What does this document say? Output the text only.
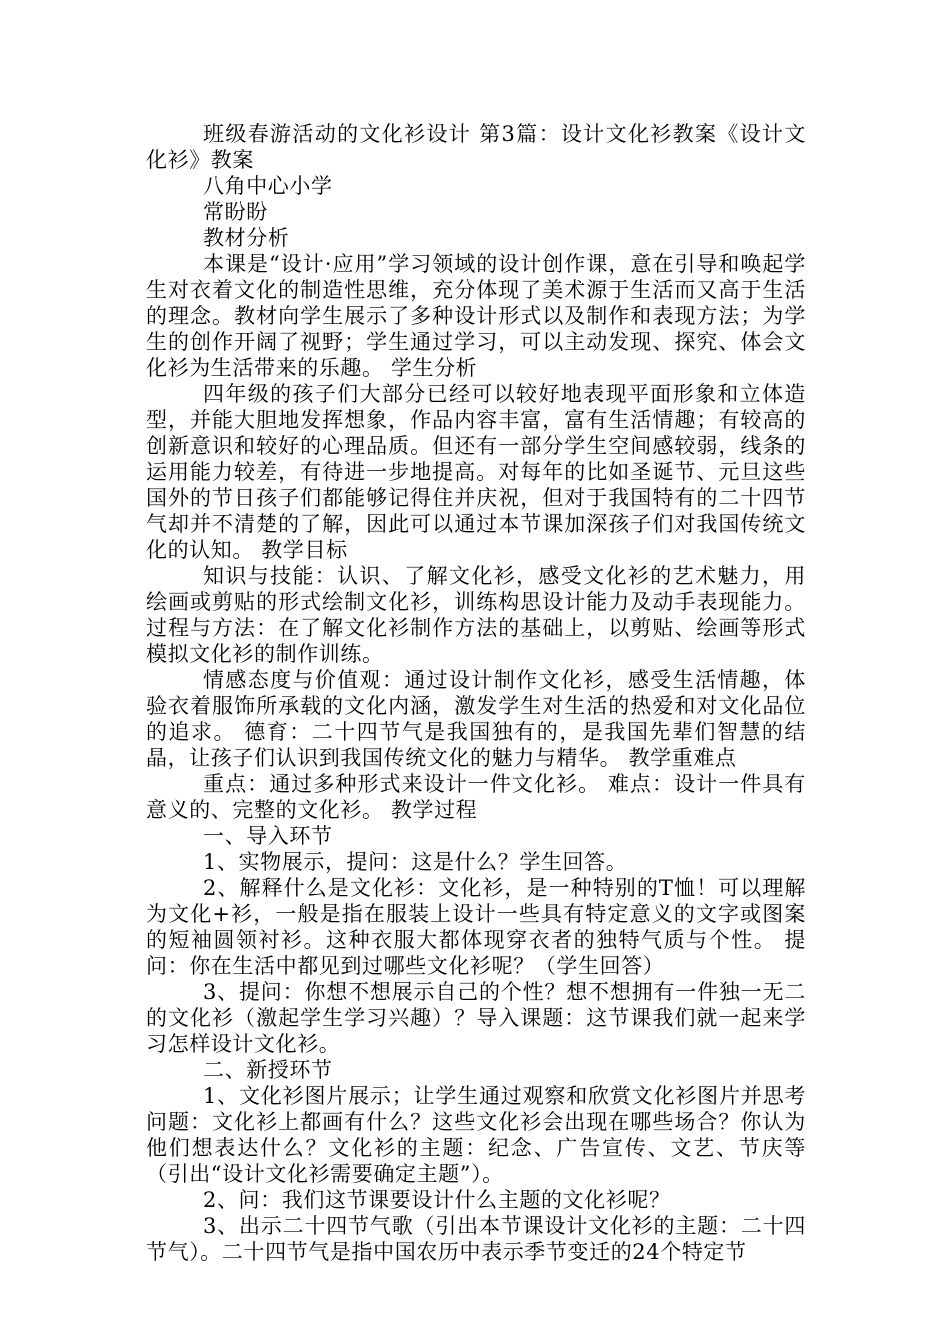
班级春游活动的文化衫设计 第3篇：设计文化衫教案《设计文化衫》教案

八角中心小学

常盼盼

教材分析

本课是“设计·应用”学习领域的设计创作课，意在引导和唤起学生对衣着文化的制造性思维，充分体现了美术源于生活而又高于生活的理念。教材向学生展示了多种设计形式以及制作和表现方法；为学生的创作开阔了视野；学生通过学习，可以主动发现、探究、体会文化衫为生活带来的乐趣。 学生分析

四年级的孩子们大部分已经可以较好地表现平面形象和立体造型，并能大胆地发挥想象，作品内容丰富，富有生活情趣；有较高的创新意识和较好的心理品质。但还有一部分学生空间感较弱，线条的运用能力较差，有待进一步地提高。对每年的比如圣诞节、元旦这些国外的节日孩子们都能够记得住并庆祝，但对于我国特有的二十四节气却并不清楚的了解，因此可以通过本节课加深孩子们对我国传统文化的认知。 教学目标

知识与技能：认识、了解文化衫，感受文化衫的艺术魅力，用绘画或剪贴的形式绘制文化衫，训练构思设计能力及动手表现能力。 过程与方法：在了解文化衫制作方法的基础上，以剪贴、绘画等形式模拟文化衫的制作训练。

情感态度与价值观：通过设计制作文化衫，感受生活情趣，体验衣着服饰所承载的文化内涵，激发学生对生活的热爱和对文化品位的追求。 德育：二十四节气是我国独有的，是我国先辈们智慧的结晶，让孩子们认识到我国传统文化的魅力与精华。 教学重难点

重点：通过多种形式来设计一件文化衫。 难点：设计一件具有意义的、完整的文化衫。 教学过程

一、导入环节

1、实物展示，提问：这是什么？学生回答。

2、解释什么是文化衫：文化衫，是一种特别的T恤！可以理解为文化+衫，一般是指在服装上设计一些具有特定意义的文字或图案的短袖圆领衬衫。这种衣服大都体现穿衣者的独特气质与个性。 提问：你在生活中都见到过哪些文化衫呢？（学生回答）

3、提问：你想不想展示自己的个性？想不想拥有一件独一无二的文化衫（激起学生学习兴趣）？导入课题：这节课我们就一起来学习怎样设计文化衫。

二、新授环节

1、文化衫图片展示；让学生通过观察和欣赏文化衫图片并思考问题：文化衫上都画有什么？这些文化衫会出现在哪些场合？你认为他们想表达什么？文化衫的主题：纪念、广告宣传、文艺、节庆等（引出“设计文化衫需要确定主题”）。

2、问：我们这节课要设计什么主题的文化衫呢？

3、出示二十四节气歌（引出本节课设计文化衫的主题：二十四节气）。二十四节气是指中国农历中表示季节变迁的24个特定节
